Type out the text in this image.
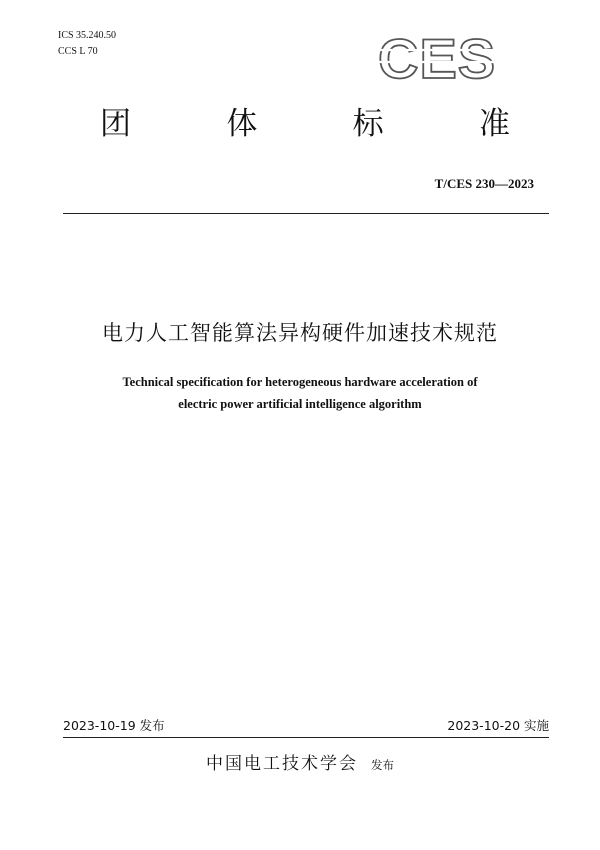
ICS 35.240.50
CCS L 70	CES
团	体	标	准
T/CES 230—2023
电力人工智能算法异构硬件加速技术规范
Technical specification for heterogeneous hardware acceleration of
electric power artificial intelligence algorithm
2023-10-19 发布	2023-10-20 实施
中国电工技术学会 发布
